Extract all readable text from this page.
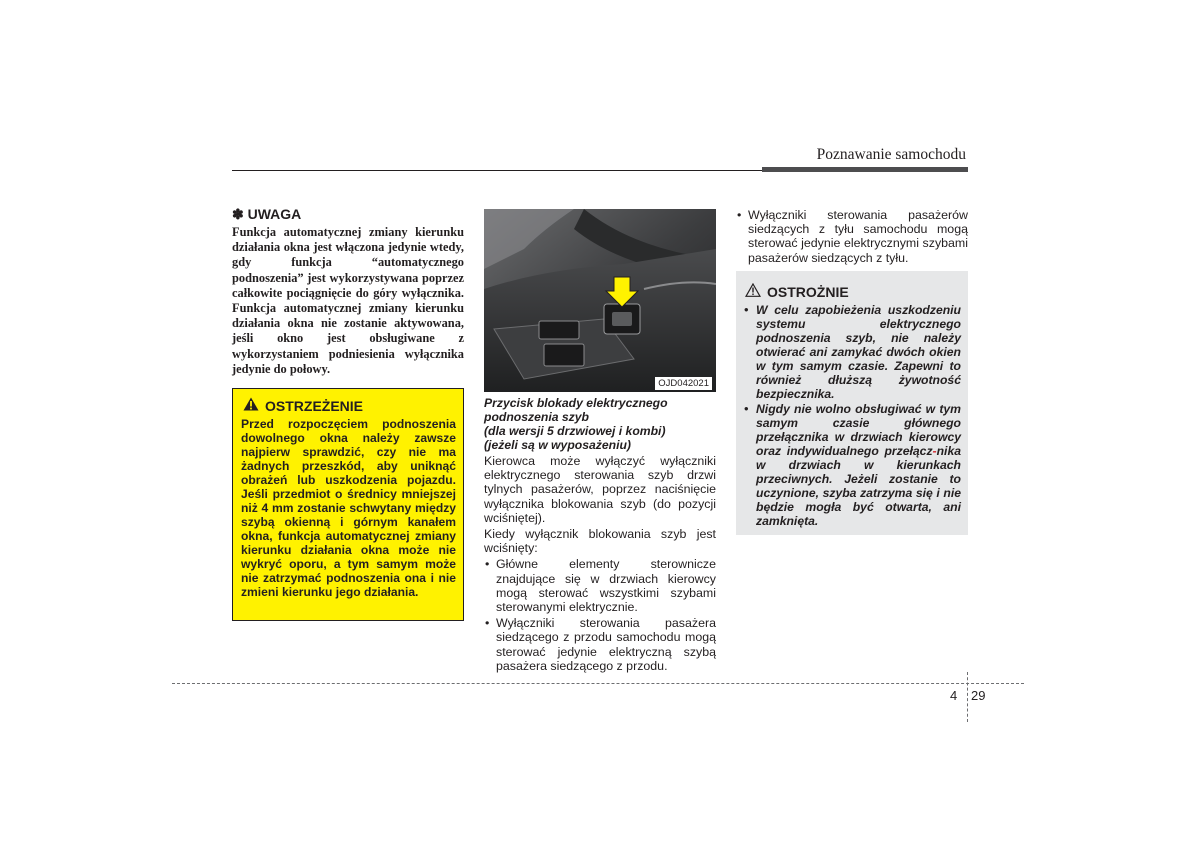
Poznawanie samochodu
✽ UWAGA

Funkcja automatycznej zmiany kierunku działania okna jest włączona jedynie wtedy, gdy funkcja “automatycznego podnoszenia” jest wykorzystywana poprzez całkowite pociągnięcie do góry wyłącznika. Funkcja automatycznej zmiany kierunku działania okna nie zostanie aktywowana, jeśli okno jest obsługiwane z wykorzystaniem podniesienia wyłącznika jedynie do połowy.

OSTRZEŻENIE

Przed rozpoczęciem podnoszenia dowolnego okna należy zawsze najpierw sprawdzić, czy nie ma żadnych przeszkód, aby uniknąć obrażeń lub uszkodzenia pojazdu. Jeśli przedmiot o średnicy mniejszej niż 4 mm zostanie schwytany między szybą okienną i górnym kanałem okna, funkcja automatycznej zmiany kierunku działania okna może nie wykryć oporu, a tym samym może nie zatrzymać podnoszenia ona i nie zmieni kierunku jego działania.

OJD042021
Przycisk blokady elektrycznego podnoszenia szyb
(dla wersji 5 drzwiowej i kombi)
(jeżeli są w wyposażeniu)

Kierowca może wyłączyć wyłączniki elektrycznego sterowania szyb drzwi tylnych pasażerów, poprzez naciśnięcie wyłącznika blokowania szyb (do pozycji wciśniętej).

Kiedy wyłącznik blokowania szyb jest wciśnięty:

• Główne elementy sterownicze znajdujące się w drzwiach kierowcy mogą sterować wszystkimi szybami sterowanymi elektrycznie.
• Wyłączniki sterowania pasażera siedzącego z przodu samochodu mogą sterować jedynie elektryczną szybą pasażera siedzącego z przodu.
• Wyłączniki sterowania pasażerów siedzących z tyłu samochodu mogą sterować jedynie elektrycznymi szybami pasażerów siedzących z tyłu.
OSTROŻNIE
• W celu zapobieżenia uszkodzeniu systemu elektrycznego podnoszenia szyb, nie należy otwierać ani zamykać dwóch okien w tym samym czasie. Zapewni to również dłuższą żywotność bezpiecznika.
• Nigdy nie wolno obsługiwać w tym samym czasie głównego przełącznika w drzwiach kierowcy oraz indywidualnego przełącz-nika w drzwiach w kierunkach przeciwnych. Jeżeli zostanie to uczynione, szyba zatrzyma się i nie będzie mogła być otwarta, ani zamknięta.
4 29
